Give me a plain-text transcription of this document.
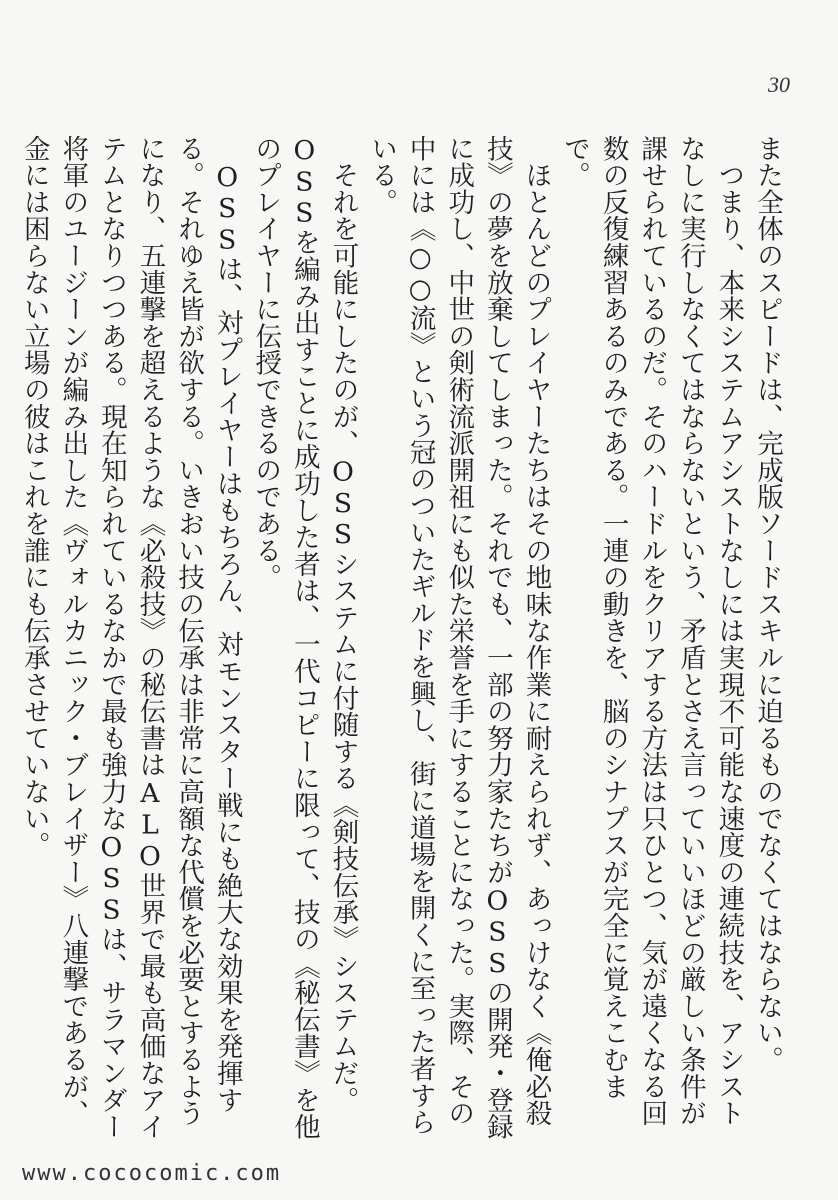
30

また全体のスピードは、完成版ソードスキルに迫るものでなくてはならない。

　つまり、本来システムアシストなしには実現不可能な速度の連続技を、アシストなしに実行しなくてはならないという、矛盾とさえ言っていいほどの厳しい条件が課せられているのだ。そのハードルをクリアする方法は只ひとつ、気が遠くなる回数の反復練習あるのみである。一連の動きを、脳のシナプスが完全に覚えこむまで。

　ほとんどのプレイヤーたちはその地味な作業に耐えられず、あっけなく《俺必殺技》の夢を放棄してしまった。それでも、一部の努力家たちがOSSの開発・登録に成功し、中世の剣術流派開祖にも似た栄誉を手にすることになった。実際、その中には《○○流》という冠のついたギルドを興し、街に道場を開くに至った者すらいる。

　それを可能にしたのが、OSSシステムに付随する《剣技伝承》システムだ。OSSを編み出すことに成功した者は、一代コピーに限って、技の《秘伝書》を他のプレイヤーに伝授できるのである。

　OSSは、対プレイヤーはもちろん、対モンスター戦にも絶大な効果を発揮する。それゆえ皆が欲する。いきおい技の伝承は非常に高額な代償を必要とするようになり、五連撃を超えるような《必殺技》の秘伝書はALO世界で最も高価なアイテムとなりつつある。現在知られているなかで最も強力なOSSは、サラマンダー将軍のユージーンが編み出した《ヴォルカニック・ブレイザー》八連撃であるが、金には困らない立場の彼はこれを誰にも伝承させていない。

www.cococomic.com
